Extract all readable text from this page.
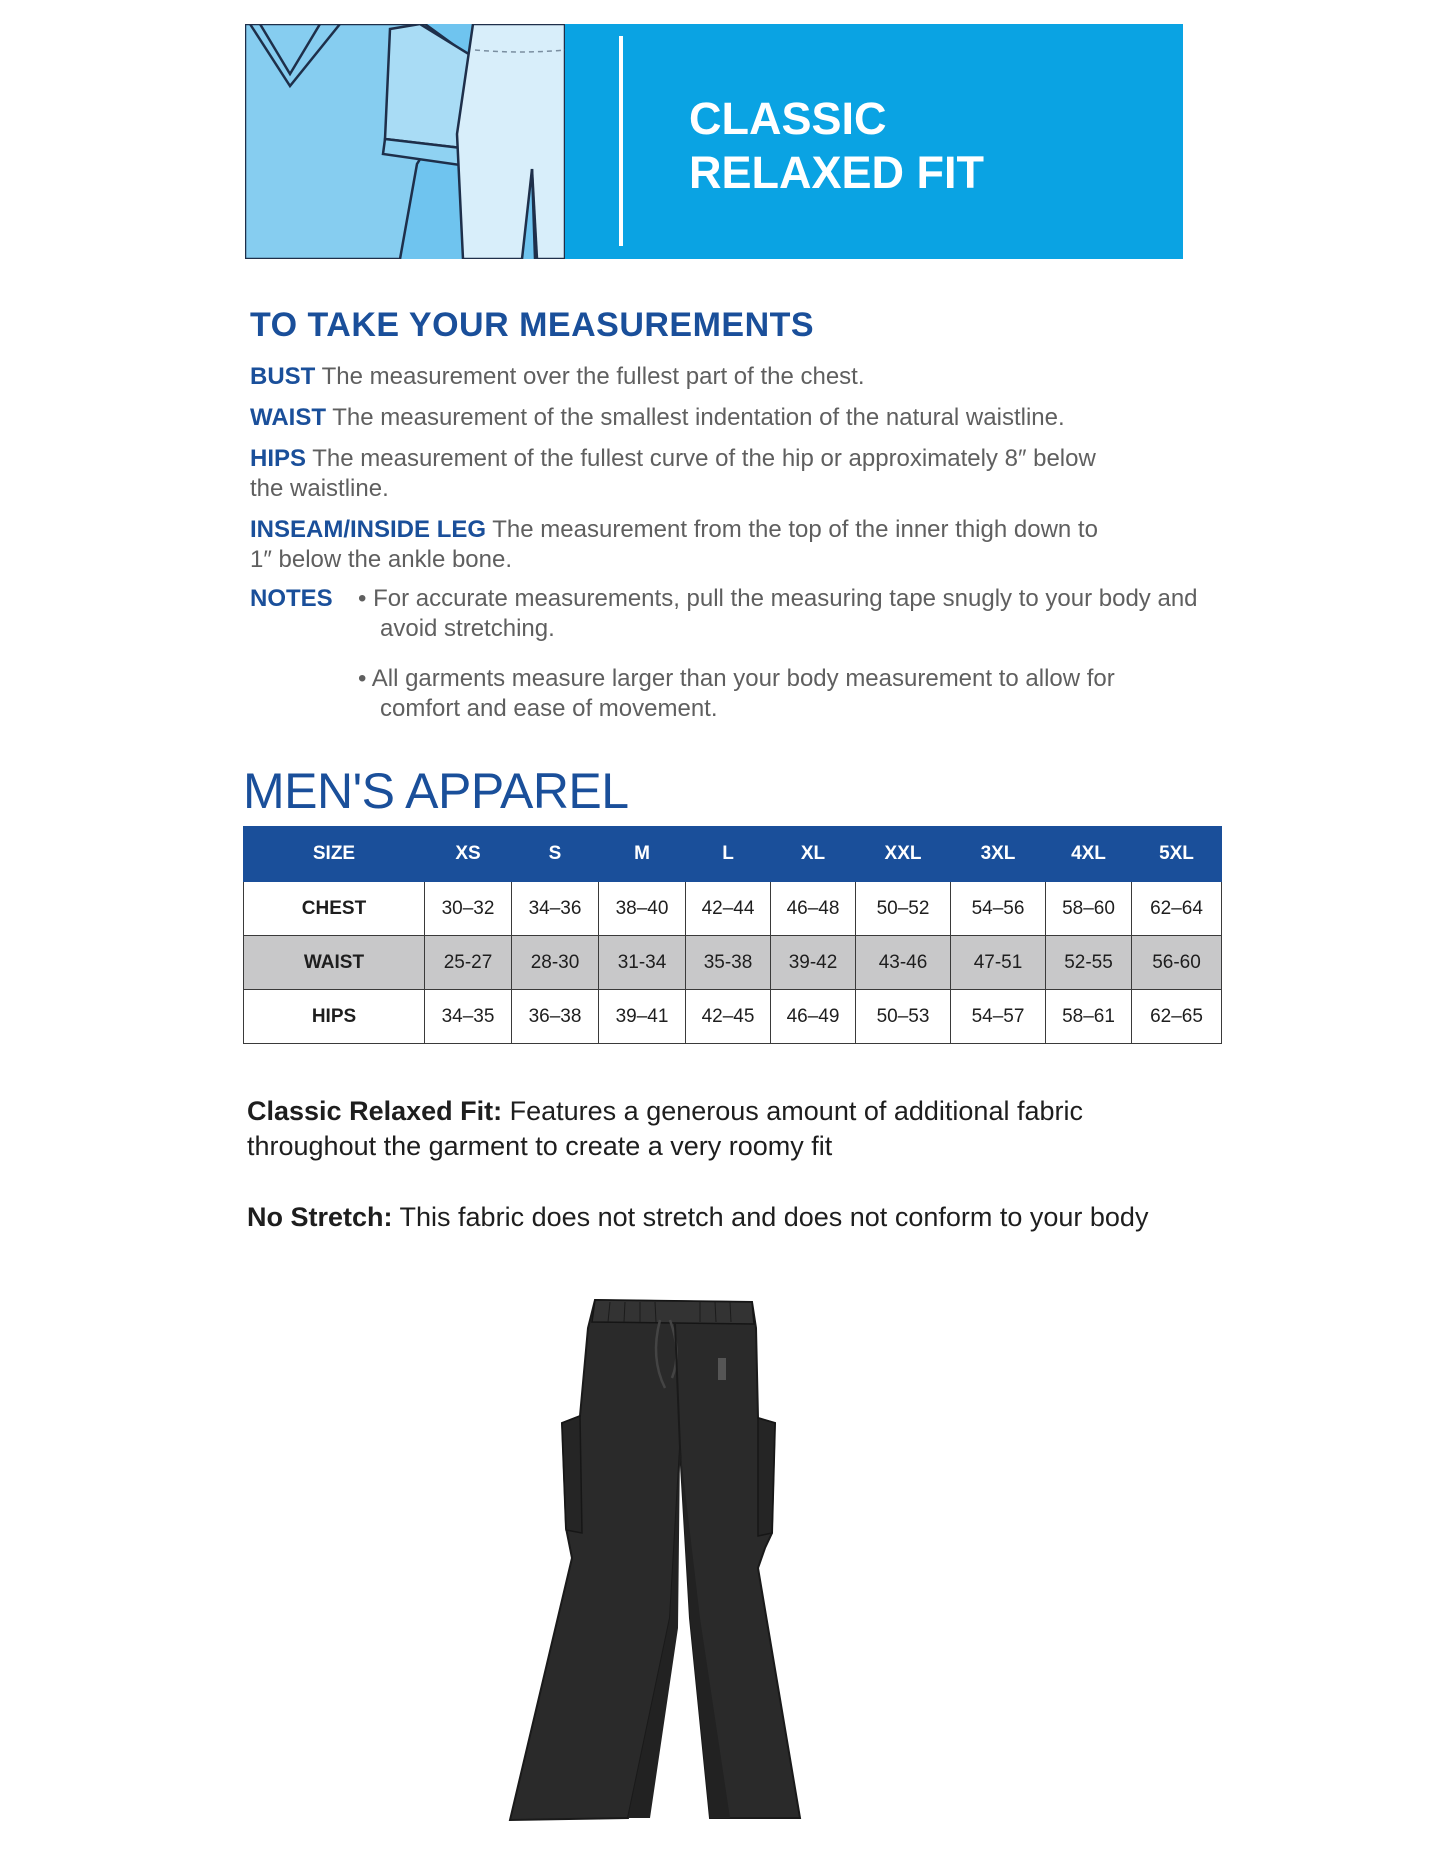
CLASSIC
RELAXED FIT
TO TAKE YOUR MEASUREMENTS

BUST The measurement over the fullest part of the chest.

WAIST The measurement of the smallest indentation of the natural waistline.

HIPS The measurement of the fullest curve of the hip or approximately 8″ below the waistline.

INSEAM/INSIDE LEG The measurement from the top of the inner thigh down to 1″ below the ankle bone.

NOTES • For accurate measurements, pull the measuring tape snugly to your body and avoid stretching.

• All garments measure larger than your body measurement to allow for comfort and ease of movement.

MEN'S APPAREL
SIZE	XS	S	M	L	XL	XXL	3XL	4XL	5XL
CHEST	30–32	34–36	38–40	42–44	46–48	50–52	54–56	58–60	62–64
WAIST	25-27	28-30	31-34	35-38	39-42	43-46	47-51	52-55	56-60
HIPS	34–35	36–38	39–41	42–45	46–49	50–53	54–57	58–61	62–65

Classic Relaxed Fit: Features a generous amount of additional fabric throughout the garment to create a very roomy fit

No Stretch: This fabric does not stretch and does not conform to your body
